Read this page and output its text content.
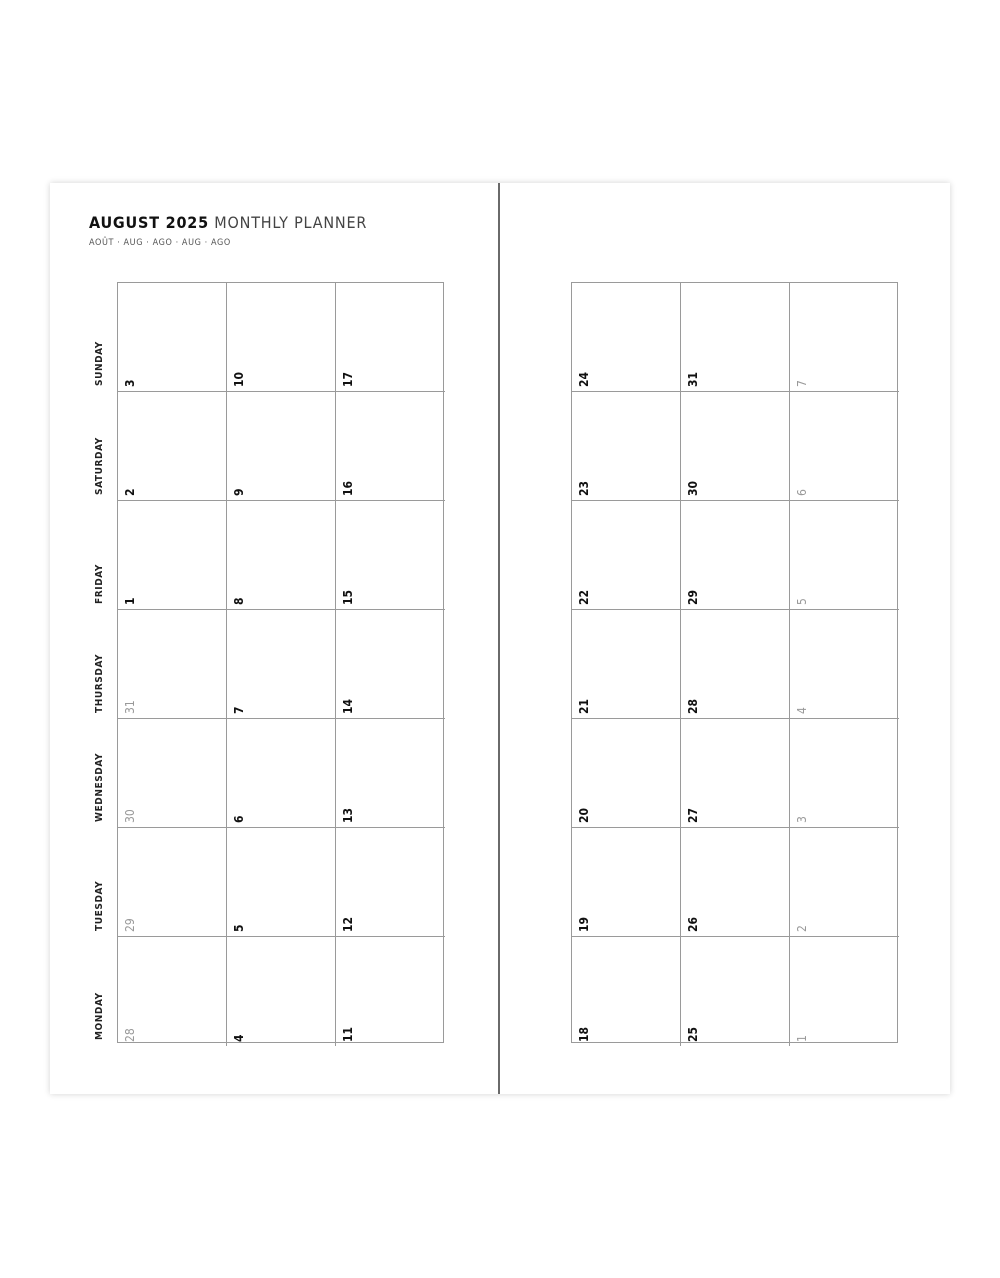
AUGUST 2025 MONTHLY PLANNER
AOÛT · AUG · AGO · AUG · AGO
SUNDAY
SATURDAY
FRIDAY
THURSDAY
WEDNESDAY
TUESDAY
MONDAY
3
2
1
31
30
29
28
10
9
8
7
6
5
4
17
16
15
14
13
12
11
24
23
22
21
20
19
18
31
30
29
28
27
26
25
7
6
5
4
3
2
1
